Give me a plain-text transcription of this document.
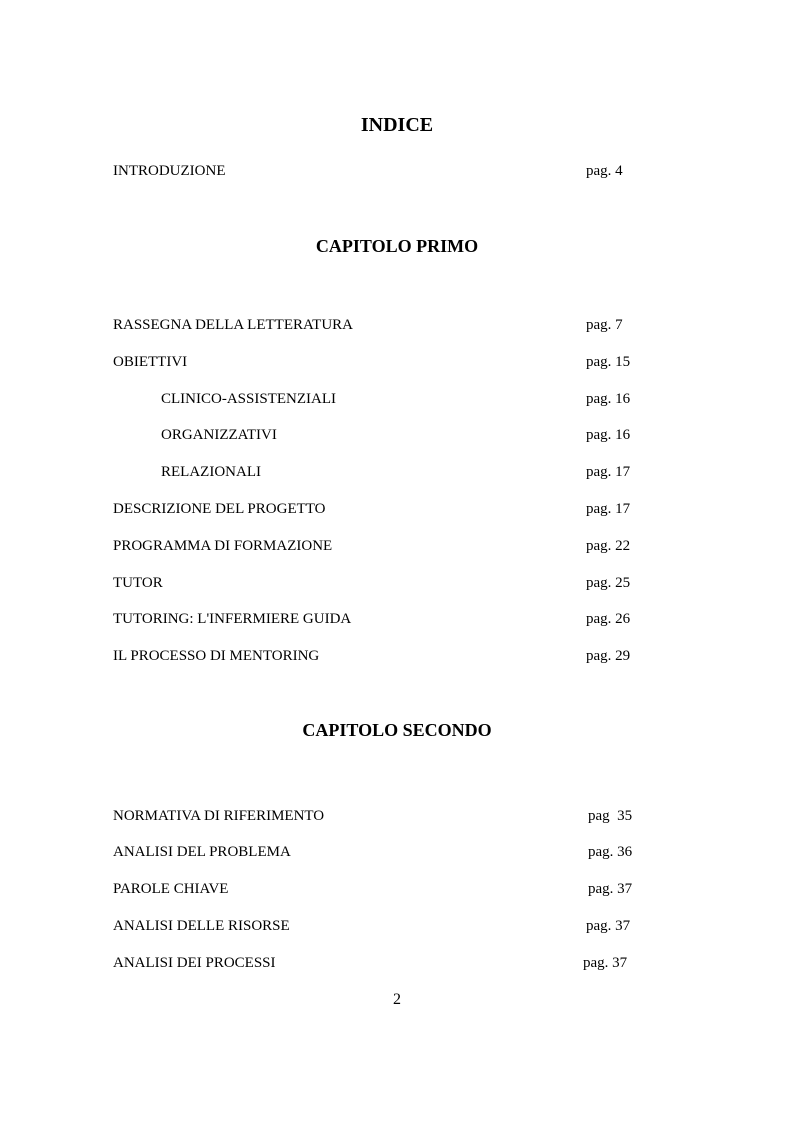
INDICE
INTRODUZIONE	pag. 4
CAPITOLO PRIMO
RASSEGNA DELLA LETTERATURA	pag. 7
OBIETTIVI	pag. 15
CLINICO-ASSISTENZIALI	pag. 16
ORGANIZZATIVI	pag. 16
RELAZIONALI	pag. 17
DESCRIZIONE DEL PROGETTO	pag. 17
PROGRAMMA DI FORMAZIONE	pag. 22
TUTOR	pag. 25
TUTORING: L'INFERMIERE GUIDA	pag. 26
IL PROCESSO DI MENTORING	pag. 29
CAPITOLO SECONDO
NORMATIVA DI RIFERIMENTO	pag  35
ANALISI DEL PROBLEMA	pag. 36
PAROLE CHIAVE	pag. 37
ANALISI DELLE RISORSE	pag. 37
ANALISI DEI PROCESSI	pag. 37
2
